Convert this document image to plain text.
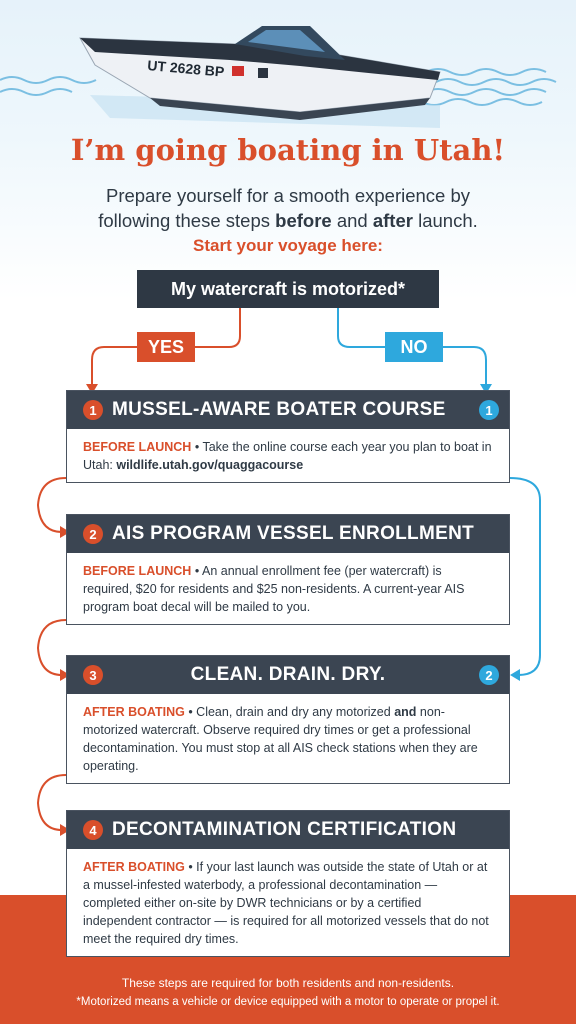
UT 2628 BP
I’m going boating in Utah!
Prepare yourself for a smooth experience by
following these steps before and after launch.
Start your voyage here:
My watercraft is motorized*
YES	NO
1 MUSSEL-AWARE BOATER COURSE	1
BEFORE LAUNCH • Take the online course each year you plan to boat in Utah: wildlife.utah.gov/quaggacourse
2 AIS PROGRAM VESSEL ENROLLMENT
BEFORE LAUNCH • An annual enrollment fee (per watercraft) is required, $20 for residents and $25 non-residents. A current-year AIS program boat decal will be mailed to you.
3	CLEAN. DRAIN. DRY.	2
AFTER BOATING • Clean, drain and dry any motorized and non-motorized watercraft. Observe required dry times or get a professional decontamination. You must stop at all AIS check stations when they are operating.
4 DECONTAMINATION CERTIFICATION
AFTER BOATING • If your last launch was outside the state of Utah or at a mussel-infested waterbody, a professional decontamination — completed either on-site by DWR technicians or by a certified independent contractor — is required for all motorized vessels that do not meet the required dry times.
These steps are required for both residents and non-residents.
*Motorized means a vehicle or device equipped with a motor to operate or propel it.
